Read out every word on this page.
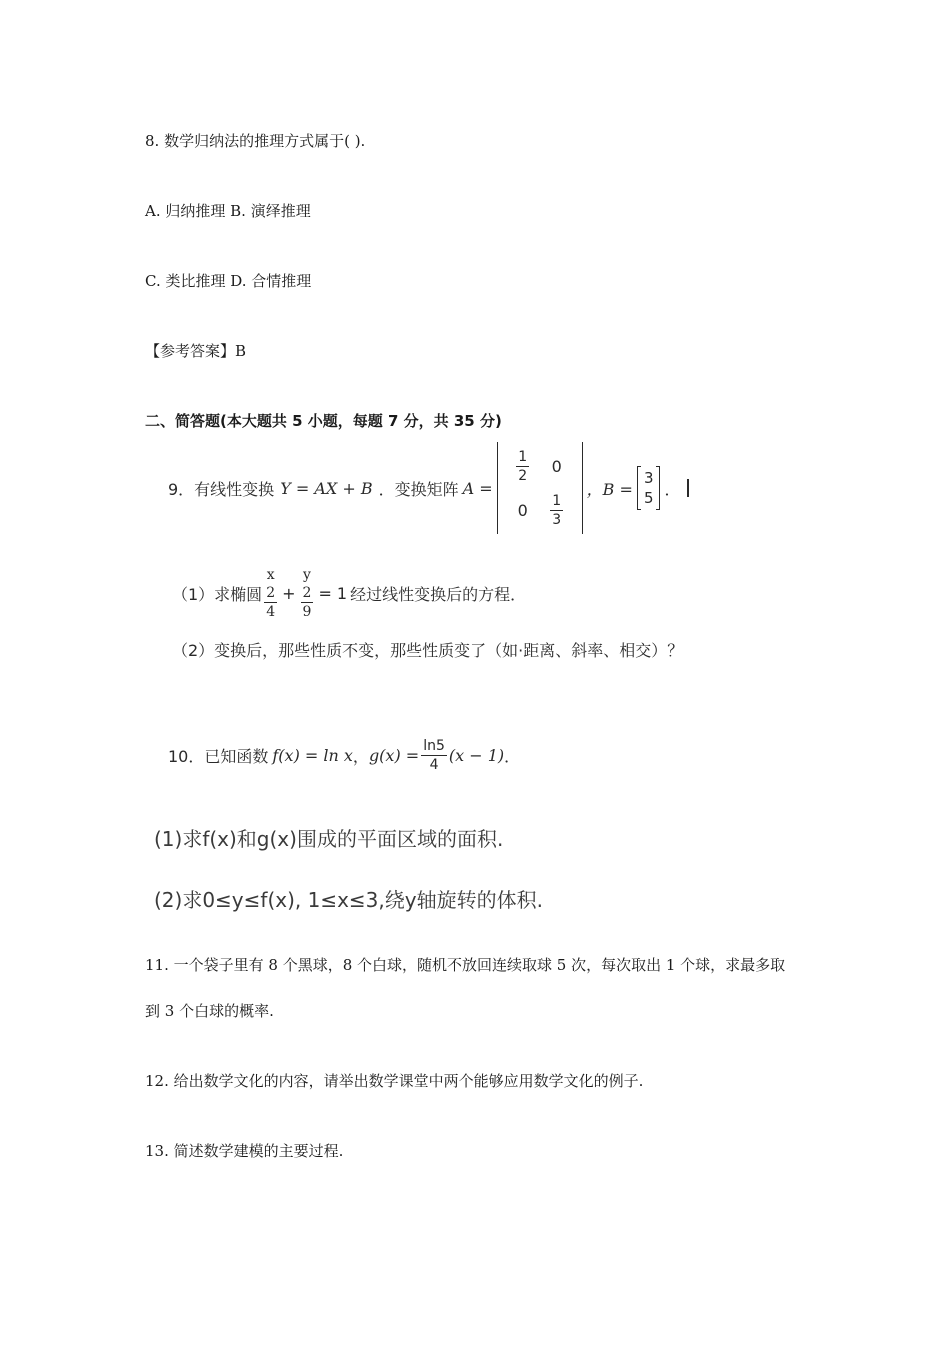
8. 数学归纳法的推理方式属于( ).
A. 归纳推理 B. 演绎推理
C. 类比推理 D. 合情推理
【参考答案】B
二、简答题(本大题共 5 小题，每题 7 分，共 35 分)
9．有线性变换 Y = AX + B ．变换矩阵 A =
$\frac{1}{2}$	0
0	$\frac{1}{3}$
，B =
3
5 ．
（1）求椭圆 x
2
4 + y
2
9 = 1 经过线性变换后的方程．
（2）变换后，那些性质不变，那些性质变了（如·距离、斜率、相交）？
10．已知函数 f(x) = ln x ， $g(x) = \frac{\ln 5}{4} (x - 1)$ ．
(1)求f(x)和g(x)围成的平面区域的面积.
(2)求0≤y≤f(x), 1≤x≤3,绕y轴旋转的体积.
11. 一个袋子里有 8 个黑球，8 个白球，随机不放回连续取球 5 次，每次取出 1 个球，求最多取
到 3 个白球的概率.
12. 给出数学文化的内容，请举出数学课堂中两个能够应用数学文化的例子.
13. 简述数学建模的主要过程.
